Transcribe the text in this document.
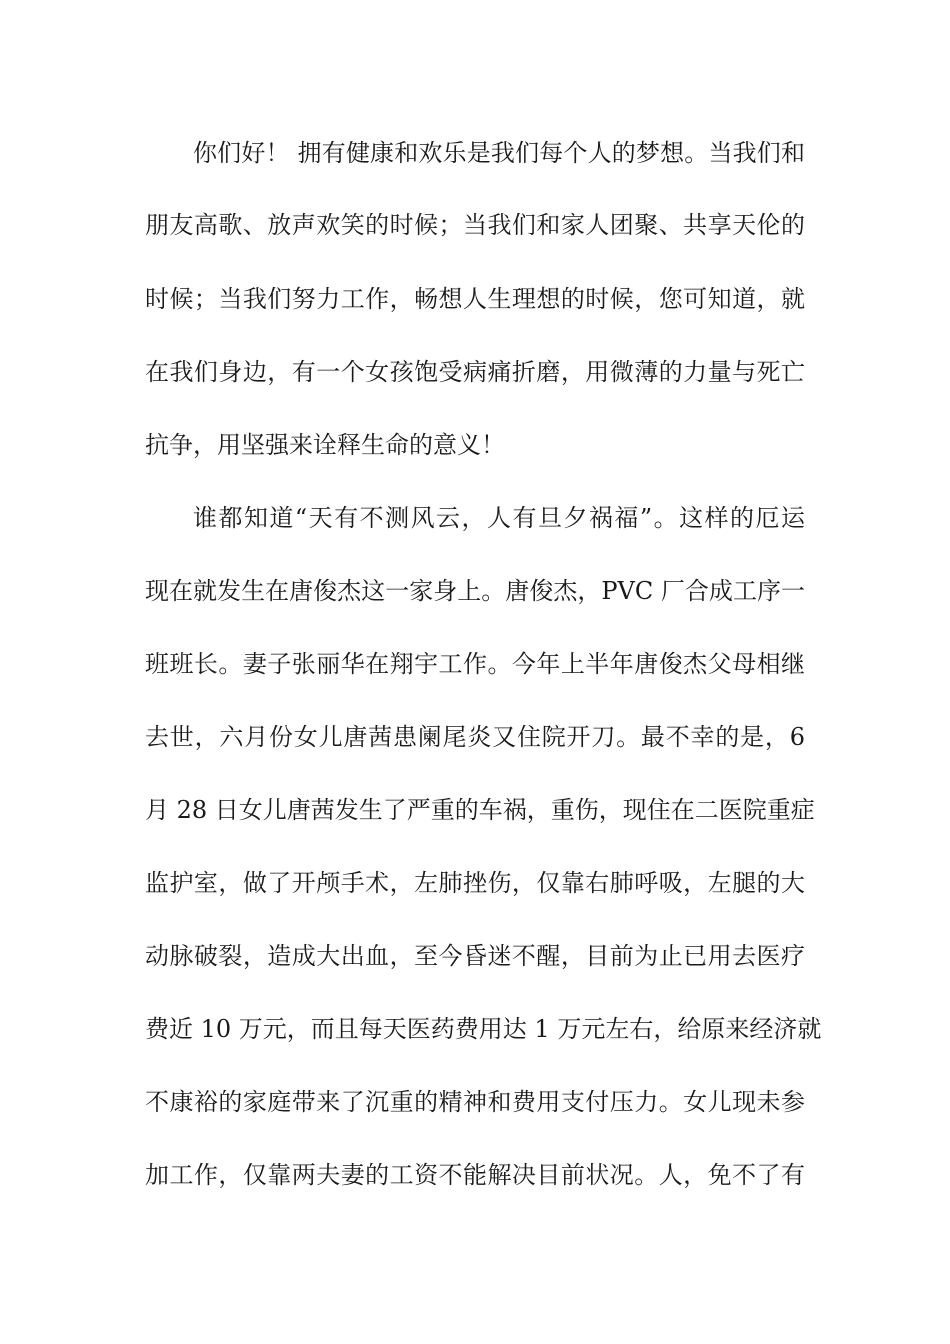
你们好！ 拥有健康和欢乐是我们每个人的梦想。当我们和
朋友高歌、放声欢笑的时候；当我们和家人团聚、共享天伦的
时候；当我们努力工作，畅想人生理想的时候，您可知道，就
在我们身边，有一个女孩饱受病痛折磨，用微薄的力量与死亡
抗争，用坚强来诠释生命的意义！
谁都知道“天有不测风云，人有旦夕祸福”。这样的厄运
现在就发生在唐俊杰这一家身上。唐俊杰，PVC 厂合成工序一
班班长。妻子张丽华在翔宇工作。今年上半年唐俊杰父母相继
去世，六月份女儿唐茜患阑尾炎又住院开刀。最不幸的是，6
月 28 日女儿唐茜发生了严重的车祸，重伤，现住在二医院重症
监护室，做了开颅手术，左肺挫伤，仅靠右肺呼吸，左腿的大
动脉破裂，造成大出血，至今昏迷不醒，目前为止已用去医疗
费近 10 万元，而且每天医药费用达 1 万元左右，给原来经济就
不康裕的家庭带来了沉重的精神和费用支付压力。女儿现未参
加工作，仅靠两夫妻的工资不能解决目前状况。人，免不了有
